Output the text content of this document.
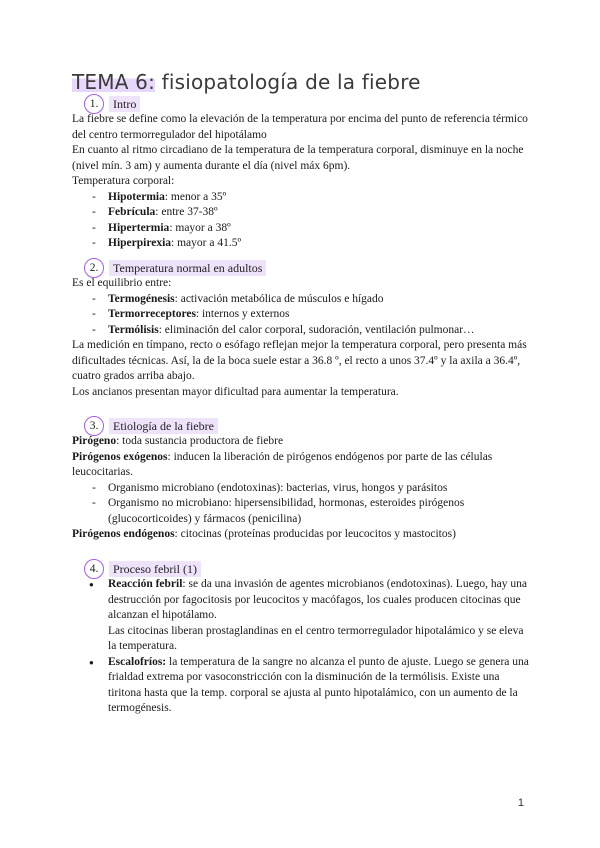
TEMA 6: fisiopatología de la fiebre
1.	Intro

La fiebre se define como la elevación de la temperatura por encima del punto de referencia térmico del centro termorregulador del hipotálamo

En cuanto al ritmo circadiano de la temperatura de la temperatura corporal, disminuye en la noche (nivel mín. 3 am) y aumenta durante el día (nivel máx 6pm).

Temperatura corporal:

- Hipotermia: menor a 35º
- Febrícula: entre 37-38º
- Hipertermia: mayor a 38º
- Hiperpirexia: mayor a 41.5º
2.	Temperatura normal en adultos

Es el equilibrio entre:

- Termogénesis: activación metabólica de músculos e hígado
- Termorreceptores: internos y externos
- Termólisis: eliminación del calor corporal, sudoración, ventilación pulmonar…

La medición en tímpano, recto o esófago reflejan mejor la temperatura corporal, pero presenta más dificultades técnicas. Así, la de la boca suele estar a 36.8 º, el recto a unos 37.4º y la axila a 36.4º, cuatro grados arriba abajo.

Los ancianos presentan mayor dificultad para aumentar la temperatura.

3.	Etiología de la fiebre

Pirógeno: toda sustancia productora de fiebre

Pirógenos exógenos: inducen la liberación de pirógenos endógenos por parte de las células leucocitarias.

- Organismo microbiano (endotoxinas): bacterias, virus, hongos y parásitos
- Organismo no microbiano: hipersensibilidad, hormonas, esteroides pirógenos (glucocorticoides) y fármacos (penicilina)

Pirógenos endógenos: citocinas (proteínas producidas por leucocitos y mastocitos)

4.	Proceso febril (1)

● Reacción febril: se da una invasión de agentes microbianos (endotoxinas). Luego, hay una destrucción por fagocitosis por leucocitos y macófagos, los cuales producen citocinas que alcanzan el hipotálamo.

Las citocinas liberan prostaglandinas en el centro termorregulador hipotalámico y se eleva la temperatura.

● Escalofríos: la temperatura de la sangre no alcanza el punto de ajuste. Luego se genera una frialdad extrema por vasoconstricción con la disminución de la termólisis. Existe una tiritona hasta que la temp. corporal se ajusta al punto hipotalámico, con un aumento de la termogénesis.

1
